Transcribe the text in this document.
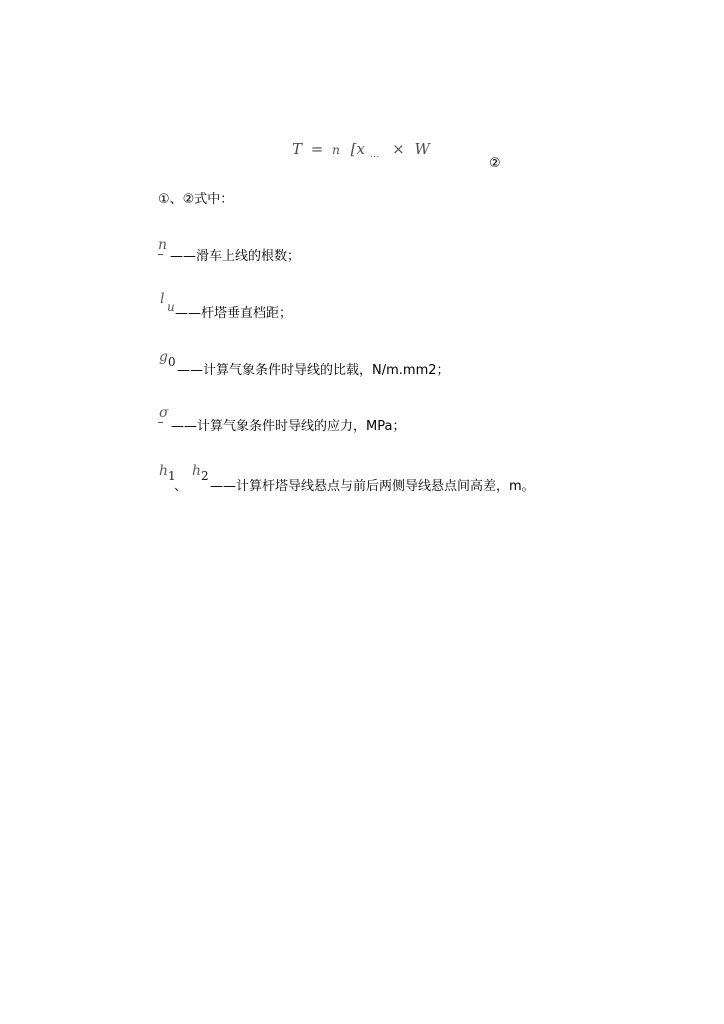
T = n [x $_{...}$ × W
②
①、②式中：
n
——滑车上线的根数；
l u ——杆塔垂直档距；
g 0
——计算气象条件时导线的比载，N/m.mm2；
σ
——计算气象条件时导线的应力，MPa；
h 1
、
h 2
——计算杆塔导线悬点与前后两侧导线悬点间高差，m。
